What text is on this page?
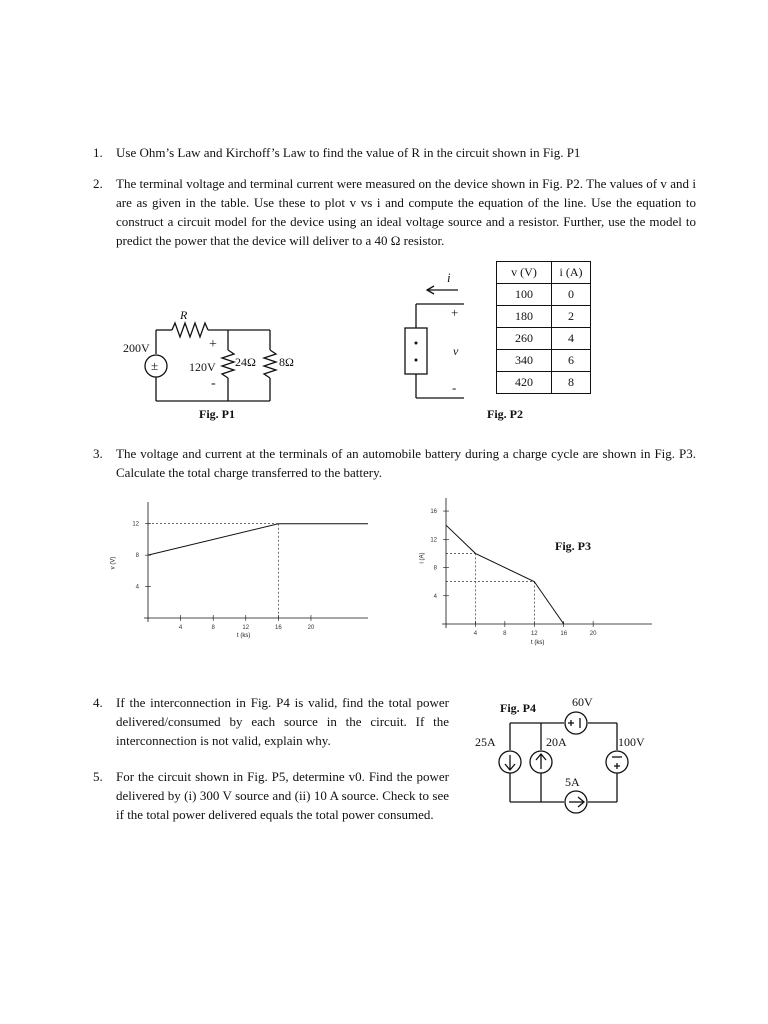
1. Use Ohm’s Law and Kirchoff’s Law to find the value of R in the circuit shown in Fig. P1
2. The terminal voltage and terminal current were measured on the device shown in Fig. P2. The values of v and i are as given in the table. Use these to plot v vs i and compute the equation of the line. Use the equation to construct a circuit model for the device using an ideal voltage source and a resistor. Further, use the model to predict the power that the device will deliver to a 40 Ω resistor.
3. The voltage and current at the terminals of an automobile battery during a charge cycle are shown in Fig. P3. Calculate the total charge transferred to the battery.
4. If the interconnection in Fig. P4 is valid, find the total power delivered/consumed by each source in the circuit. If the interconnection is not valid, explain why.
5. For the circuit shown in Fig. P5, determine v0. Find the power delivered by (i) 300 V source and (ii) 10 A source. Check to see if the total power delivered equals the total power consumed.
R
200V
±
+
120V
-
24Ω 8Ω
Fig. P1
i
+
v
-
v (V)	i (A)
100	0
180	2
260	4
340	6
420	8
Fig. P2
4	8	12	16	20
4
8
12
4	8	12	16	20
4
8
12
16
v (V)
t (ks)
i (A)
t (ks)
Fig. P3
Fig. P4	60V
25A	20A	100V
5A
